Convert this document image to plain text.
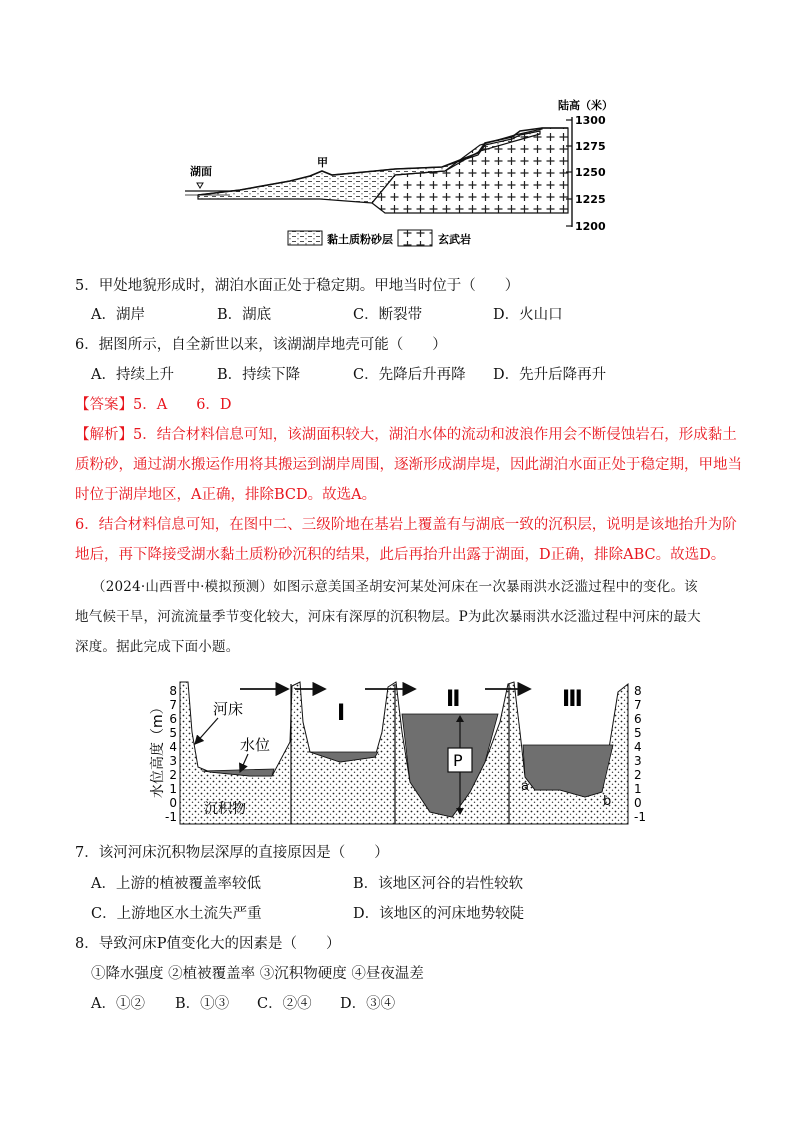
湖面
甲
陆高（米）
1300
1275
1250
1225
1200
黏土质粉砂层	玄武岩
5．甲处地貌形成时，湖泊水面正处于稳定期。甲地当时位于（　　）
A．湖岸	B．湖底	C．断裂带	D．火山口
6．据图所示，自全新世以来，该湖湖岸地壳可能（　　）
A．持续上升	B．持续下降	C．先降后升再降 D．先升后降再升
【答案】5．A　　6．D
【解析】5．结合材料信息可知，该湖面积较大，湖泊水体的流动和波浪作用会不断侵蚀岩石，形成黏土
质粉砂，通过湖水搬运作用将其搬运到湖岸周围，逐渐形成湖岸堤，因此湖泊水面正处于稳定期，甲地当
时位于湖岸地区，A正确，排除BCD。故选A。
6．结合材料信息可知，在图中二、三级阶地在基岩上覆盖有与湖底一致的沉积层，说明是该地抬升为阶
地后，再下降接受湖水黏土质粉砂沉积的结果，此后再抬升出露于湖面，D正确，排除ABC。故选D。
（2024·山西晋中·模拟预测）如图示意美国圣胡安河某处河床在一次暴雨洪水泛滥过程中的变化。该
地气候干旱，河流流量季节变化较大，河床有深厚的沉积物层。P为此次暴雨洪水泛滥过程中河床的最大
深度。据此完成下面小题。
Ⅰ
Ⅱ	Ⅲ
P
a
b
河床
水位
沉积物
水位高度（m）
8
7
6
5
4
3
2
1
0
-1
8
7
6
5
4
3
2
1
0
-1
7．该河河床沉积物层深厚的直接原因是（　　）
A．上游的植被覆盖率较低	B．该地区河谷的岩性较软
C．上游地区水土流失严重	D．该地区的河床地势较陡
8．导致河床P值变化大的因素是（　　）
①降水强度 ②植被覆盖率 ③沉积物硬度 ④昼夜温差
A．①② B．①③ C．②④ D．③④
